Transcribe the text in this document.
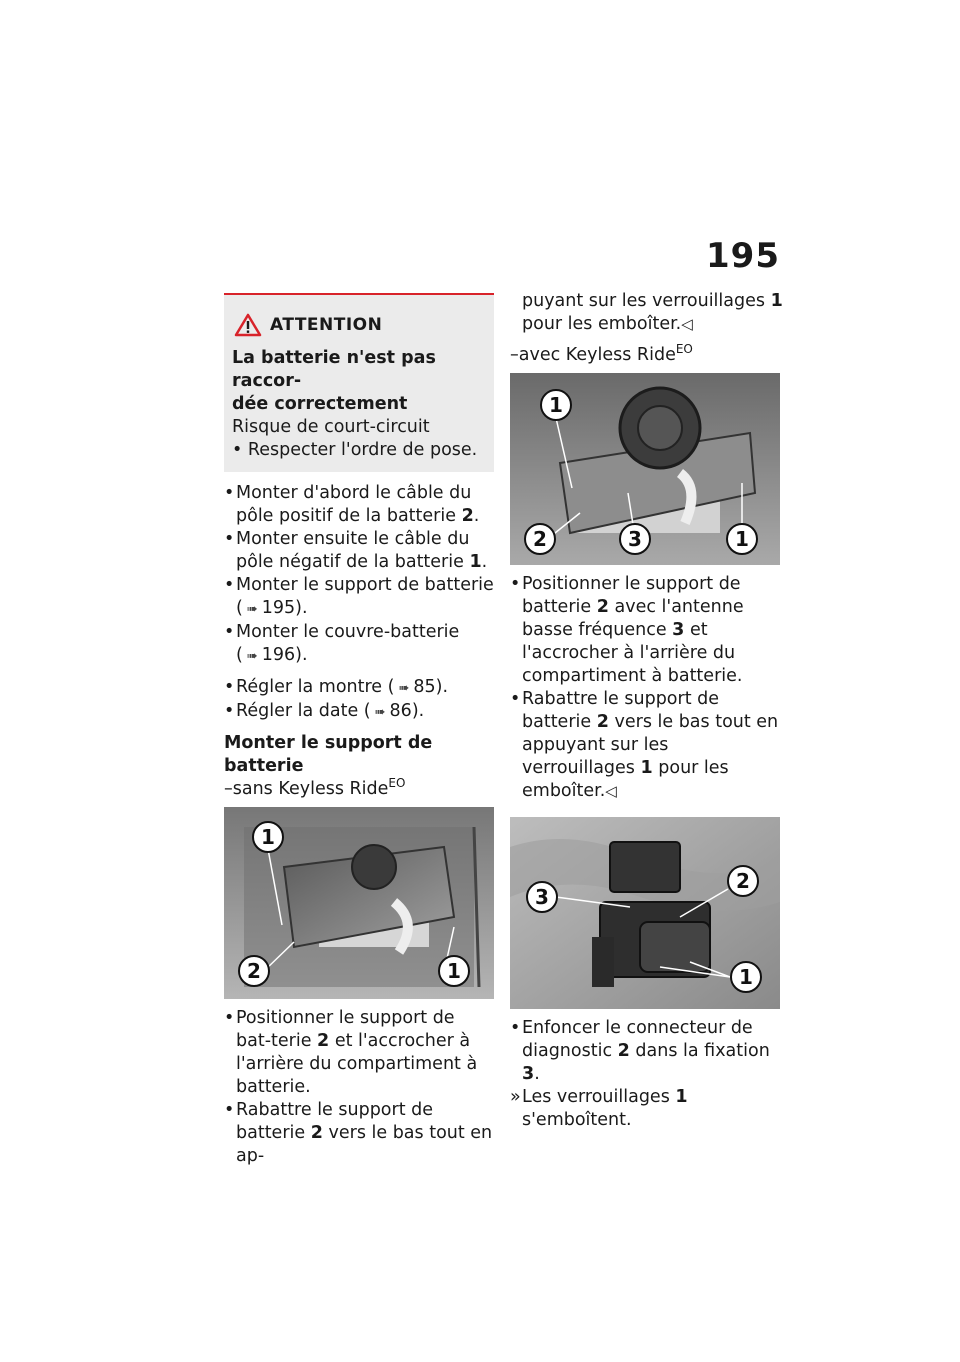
195
ATTENTION
La batterie n'est pas raccor-
dée correctement
Risque de court-circuit
• Respecter l'ordre de pose.
• Monter d'abord le câble du pôle positif de la batterie 2.
• Monter ensuite le câble du pôle négatif de la batterie 1.
• Monter le support de batterie ( ➠ 195).
• Monter le couvre-batterie ( ➠ 196).
• Régler la montre ( ➠ 85).
• Régler la date ( ➠ 86).
Monter le support de batterie
–sans Keyless Ride$^{EO}$
1
2	1
• Positionner le support de bat-terie 2 et l'accrocher à l'arrière du compartiment à batterie.
• Rabattre le support de batterie 2 vers le bas tout en ap-
puyant sur les verrouillages 1 pour les emboîter.◁
–avec Keyless Ride$^{EO}$
1
2	3	1
• Positionner le support de batterie 2 avec l'antenne basse fréquence 3 et l'accrocher à l'arrière du compartiment à batterie.
• Rabattre le support de batterie 2 vers le bas tout en appuyant sur les verrouillages 1 pour les emboîter.◁
3
2
1
• Enfoncer le connecteur de diagnostic 2 dans la fixation 3.
» Les verrouillages 1 s'emboîtent.
